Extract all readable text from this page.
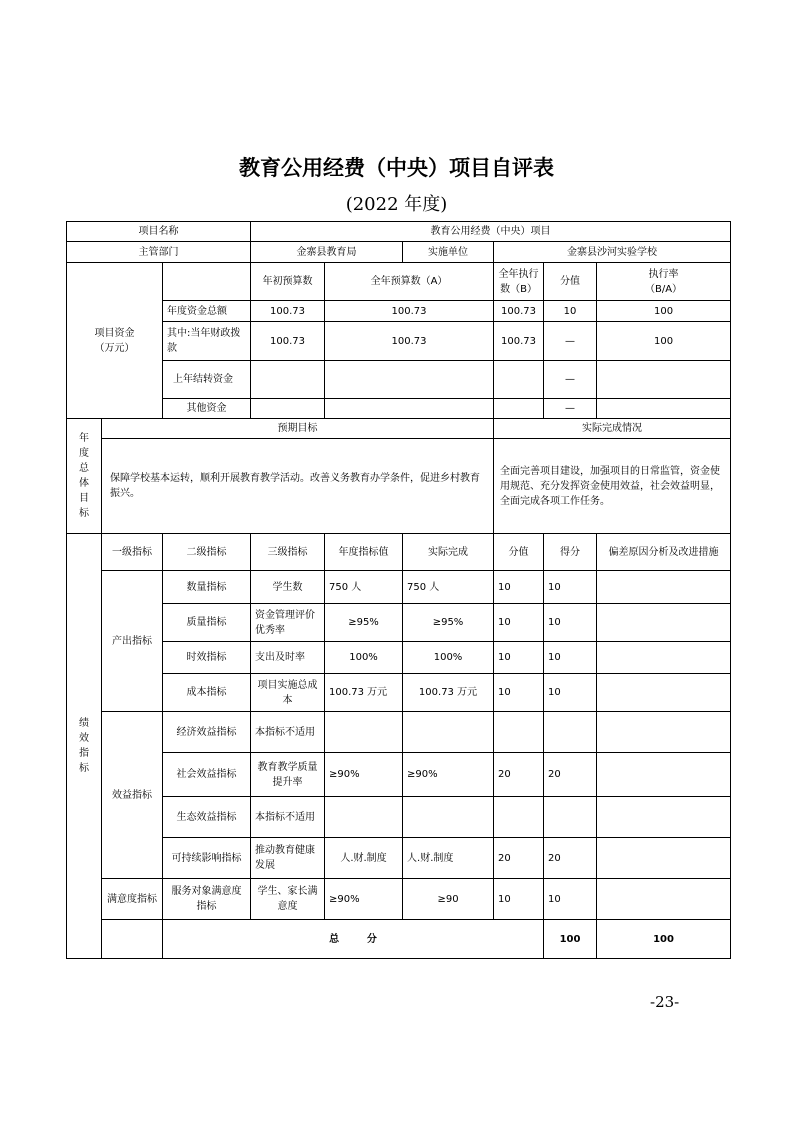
教育公用经费（中央）项目自评表
(2022 年度)
项目名称			教育公用经费（中央）项目						
主管部门			金寨县教育局		实施单位	金寨县沙河实验学校			
项目资金
（万元）			年初预算数	全年预算数（A）		全年执行数（B）	分值	执行率
（B/A）	
		年度资金总额	100.73	100.73		100.73	10	100	
		其中:当年财政拨款	100.73	100.73		100.73	—	100	
		上年结转资金					—		
		其他资金					—		
年度总体目标	预期目标					实际完成情况			
	保障学校基本运转，顺利开展教育教学活动。改善义务教育办学条件，促进乡村教育振兴。					全面完善项目建设，加强项目的日常监管，资金使用规范、充分发挥资金使用效益，社会效益明显，全面完成各项工作任务。			
绩效指标	一级指标	二级指标	三级指标	年度指标值	实际完成	分值	得分	偏差原因分析及改进措施	
	产出指标	数量指标	学生数	750 人	750 人	10	10		
		质量指标	资金管理评价优秀率	≥95%	≥95%	10	10		
		时效指标	支出及时率	100%	100%	10	10		
		成本指标	项目实施总成本	100.73 万元	100.73 万元	10	10		
	效益指标	经济效益指标	本指标不适用						
		社会效益指标	教育教学质量提升率	≥90%	≥90%	20	20		
		生态效益指标	本指标不适用						
		可持续影响指标	推动教育健康发展	人.财.制度	人.财.制度	20	20		
	满意度指标	服务对象满意度指标	学生、家长满意度	≥90%	≥90	10	10		
		总        分					100	100	
-23-
